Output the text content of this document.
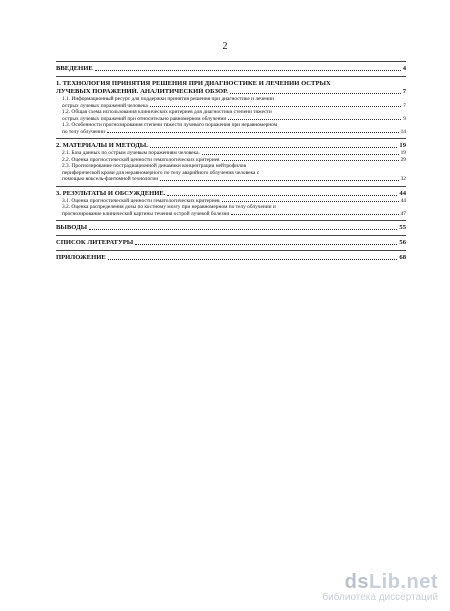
2
ВВЕДЕНИЕ	4
1. ТЕХНОЛОГИЯ ПРИНЯТИЯ РЕШЕНИЯ ПРИ ДИАГНОСТИКЕ И ЛЕЧЕНИИ ОСТРЫХ
ЛУЧЕВЫХ ПОРАЖЕНИЙ. АНАЛИТИЧЕСКИЙ ОБЗОР.	7
1.1. Информационный ресурс для поддержки принятия решения при диагностике и лечении
острых лучевых поражений человека	7
1.2. Общая схема использования клинических критериев для диагностики степени тяжести
острых лучевых поражений при относительно равномерном облучении	9
1.3. Особенности прогнозирования степени тяжести лучевого поражения при неравномерном
по телу облучении	14
2. МАТЕРИАЛЫ И МЕТОДЫ.	19
2.1. База данных по острым лучевым поражениям человека.	19
2.2. Оценка прогностической ценности гематологических критериев	29
2.3. Прогнозирование пострадиационной динамики концентрации нейтрофилов
периферической крови для неравномерного по телу аварийного облучения человека с
помощью воксель-фантомной технологии	32
3. РЕЗУЛЬТАТЫ И ОБСУЖДЕНИЕ.	44
3.1. Оценка прогностической ценности гематологических критериев	44
3.2. Оценка распределения дозы по костному мозгу при неравномерном по телу облучении и
прогнозирование клинической картины течения острой лучевой болезни	47
ВЫВОДЫ	55
СПИСОК ЛИТЕРАТУРЫ	56
ПРИЛОЖЕНИЕ	68
dsLib.net
библиотека диссертаций
